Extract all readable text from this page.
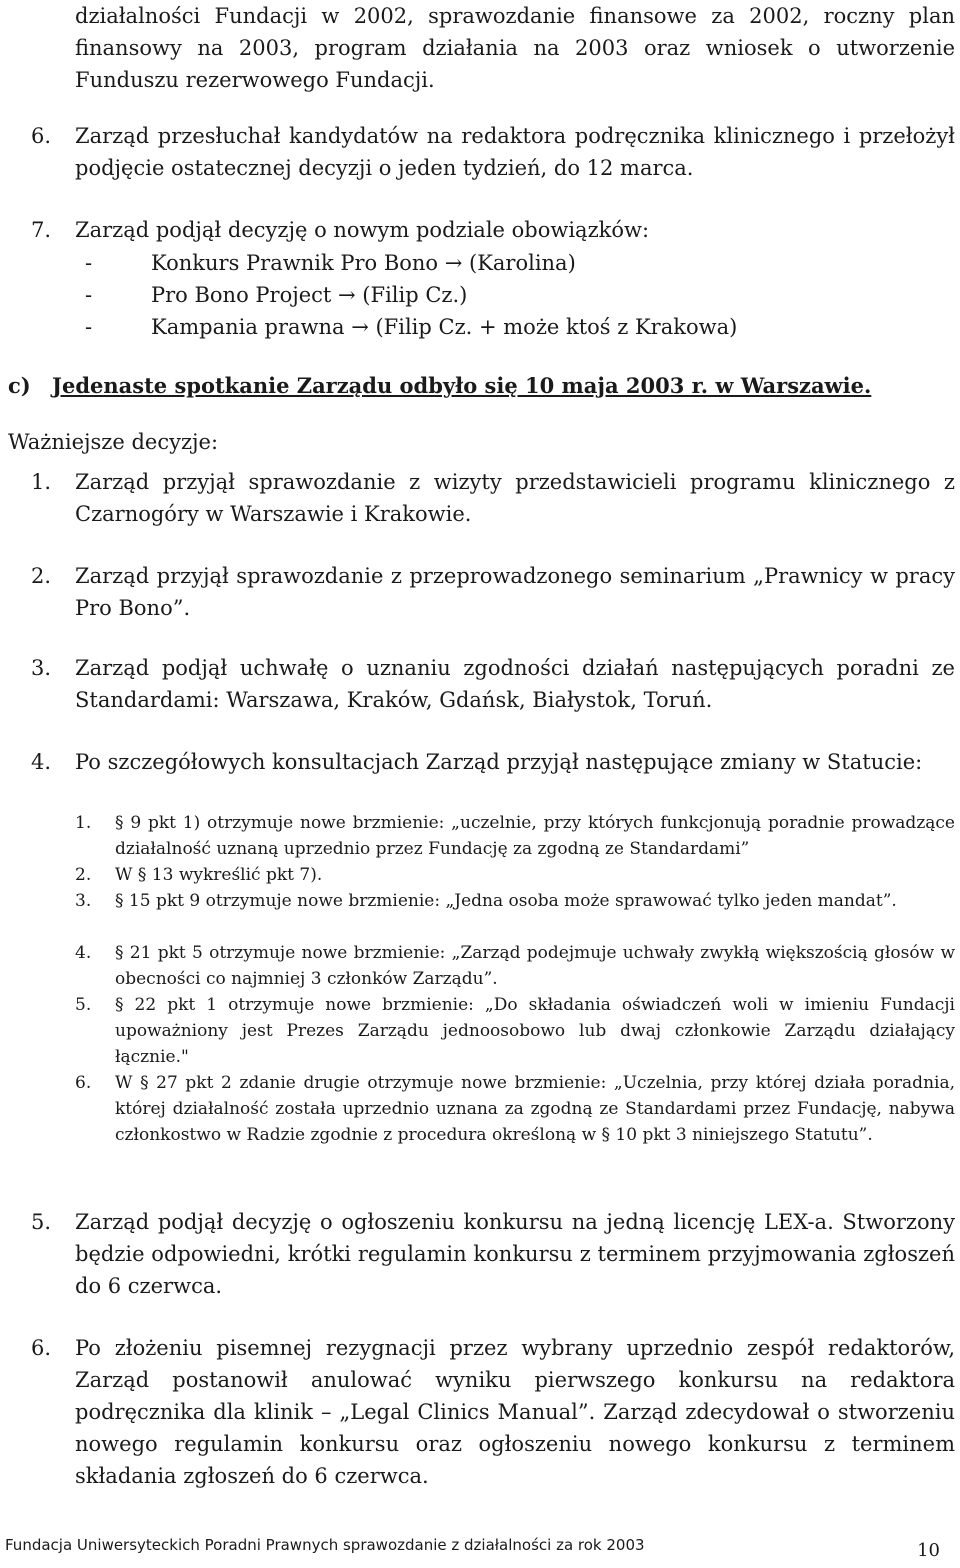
działalności Fundacji w 2002, sprawozdanie finansowe za 2002, roczny plan finansowy na 2003, program działania na 2003 oraz wniosek o utworzenie Funduszu rezerwowego Fundacji.

6. Zarząd przesłuchał kandydatów na redaktora podręcznika klinicznego i przełożył podjęcie ostatecznej decyzji o jeden tydzień, do 12 marca.
7. Zarząd podjął decyzję o nowym podziale obowiązków:
-	Konkurs Prawnik Pro Bono → (Karolina)
-	Pro Bono Project → (Filip Cz.)
-	Kampania prawna → (Filip Cz. + może ktoś z Krakowa)
c) Jedenaste spotkanie Zarządu odbyło się 10 maja 2003 r. w Warszawie.
Ważniejsze decyzje:
1. Zarząd przyjął sprawozdanie z wizyty przedstawicieli programu klinicznego z Czarnogóry w Warszawie i Krakowie.
2. Zarząd przyjął sprawozdanie z przeprowadzonego seminarium „Prawnicy w pracy Pro Bono”.
3. Zarząd podjął uchwałę o uznaniu zgodności działań następujących poradni ze Standardami: Warszawa, Kraków, Gdańsk, Białystok, Toruń.
4. Po szczegółowych konsultacjach Zarząd przyjął następujące zmiany w Statucie:
1. § 9 pkt 1) otrzymuje nowe brzmienie: „uczelnie, przy których funkcjonują poradnie prowadzące działalność uznaną uprzednio przez Fundację za zgodną ze Standardami”
2. W § 13 wykreślić pkt 7).
3. § 15 pkt 9 otrzymuje nowe brzmienie: „Jedna osoba może sprawować tylko jeden mandat”.
4. § 21 pkt 5 otrzymuje nowe brzmienie: „Zarząd podejmuje uchwały zwykłą większością głosów w obecności co najmniej 3 członków Zarządu”.
5. § 22 pkt 1 otrzymuje nowe brzmienie: „Do składania oświadczeń woli w imieniu Fundacji upoważniony jest Prezes Zarządu jednoosobowo lub dwaj członkowie Zarządu działający łącznie."
6. W § 27 pkt 2 zdanie drugie otrzymuje nowe brzmienie: „Uczelnia, przy której działa poradnia, której działalność została uprzednio uznana za zgodną ze Standardami przez Fundację, nabywa członkostwo w Radzie zgodnie z procedura określoną w § 10 pkt 3 niniejszego Statutu”.
5. Zarząd podjął decyzję o ogłoszeniu konkursu na jedną licencję LEX-a. Stworzony będzie odpowiedni, krótki regulamin konkursu z terminem przyjmowania zgłoszeń do 6 czerwca.
6. Po złożeniu pisemnej rezygnacji przez wybrany uprzednio zespół redaktorów, Zarząd postanowił anulować wyniku pierwszego konkursu na redaktora podręcznika dla klinik – „Legal Clinics Manual”. Zarząd zdecydował o stworzeniu nowego regulamin konkursu oraz ogłoszeniu nowego konkursu z terminem składania zgłoszeń do 6 czerwca.
Fundacja Uniwersyteckich Poradni Prawnych sprawozdanie z działalności za rok 2003	10
